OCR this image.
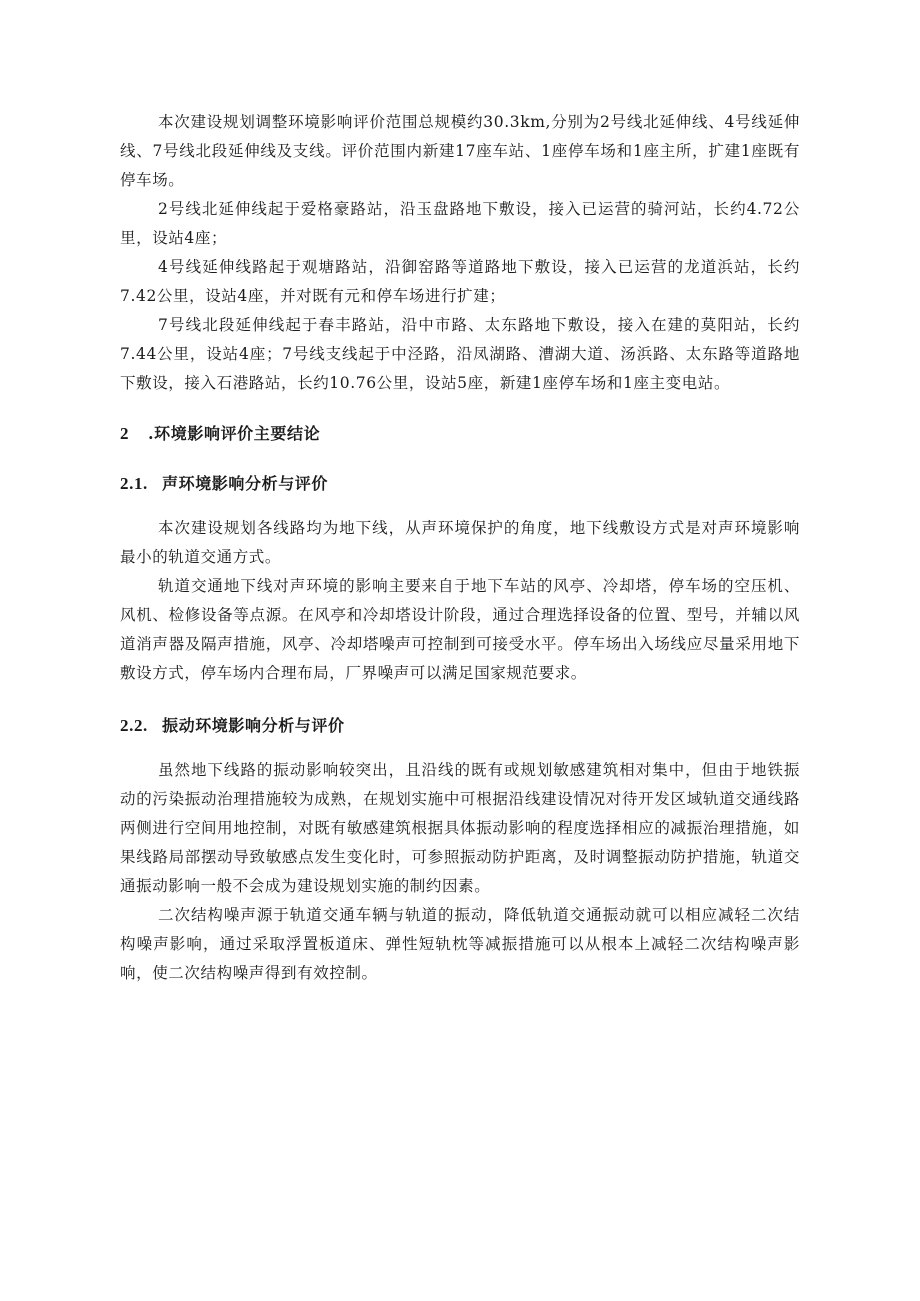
本次建设规划调整环境影响评价范围总规模约30.3km,分别为2号线北延伸线、4号线延伸线、7号线北段延伸线及支线。评价范围内新建17座车站、1座停车场和1座主所，扩建1座既有停车场。

2号线北延伸线起于爱格豪路站，沿玉盘路地下敷设，接入已运营的骑河站，长约4.72公里，设站4座；

4号线延伸线路起于观塘路站，沿御窑路等道路地下敷设，接入已运营的龙道浜站，长约7.42公里，设站4座，并对既有元和停车场进行扩建；

7号线北段延伸线起于春丰路站，沿中市路、太东路地下敷设，接入在建的莫阳站，长约7.44公里，设站4座；7号线支线起于中泾路，沿凤湖路、漕湖大道、汤浜路、太东路等道路地下敷设，接入石港路站，长约10.76公里，设站5座，新建1座停车场和1座主变电站。

2 .环境影响评价主要结论
2.1. 声环境影响分析与评价

本次建设规划各线路均为地下线，从声环境保护的角度，地下线敷设方式是对声环境影响最小的轨道交通方式。

轨道交通地下线对声环境的影响主要来自于地下车站的风亭、冷却塔，停车场的空压机、风机、检修设备等点源。在风亭和冷却塔设计阶段，通过合理选择设备的位置、型号，并辅以风道消声器及隔声措施，风亭、冷却塔噪声可控制到可接受水平。停车场出入场线应尽量采用地下敷设方式，停车场内合理布局，厂界噪声可以满足国家规范要求。

2.2. 振动环境影响分析与评价

虽然地下线路的振动影响较突出，且沿线的既有或规划敏感建筑相对集中，但由于地铁振动的污染振动治理措施较为成熟，在规划实施中可根据沿线建设情况对待开发区域轨道交通线路两侧进行空间用地控制，对既有敏感建筑根据具体振动影响的程度选择相应的减振治理措施，如果线路局部摆动导致敏感点发生变化时，可参照振动防护距离，及时调整振动防护措施，轨道交通振动影响一般不会成为建设规划实施的制约因素。

二次结构噪声源于轨道交通车辆与轨道的振动，降低轨道交通振动就可以相应减轻二次结构噪声影响，通过采取浮置板道床、弹性短轨枕等减振措施可以从根本上减轻二次结构噪声影响，使二次结构噪声得到有效控制。
